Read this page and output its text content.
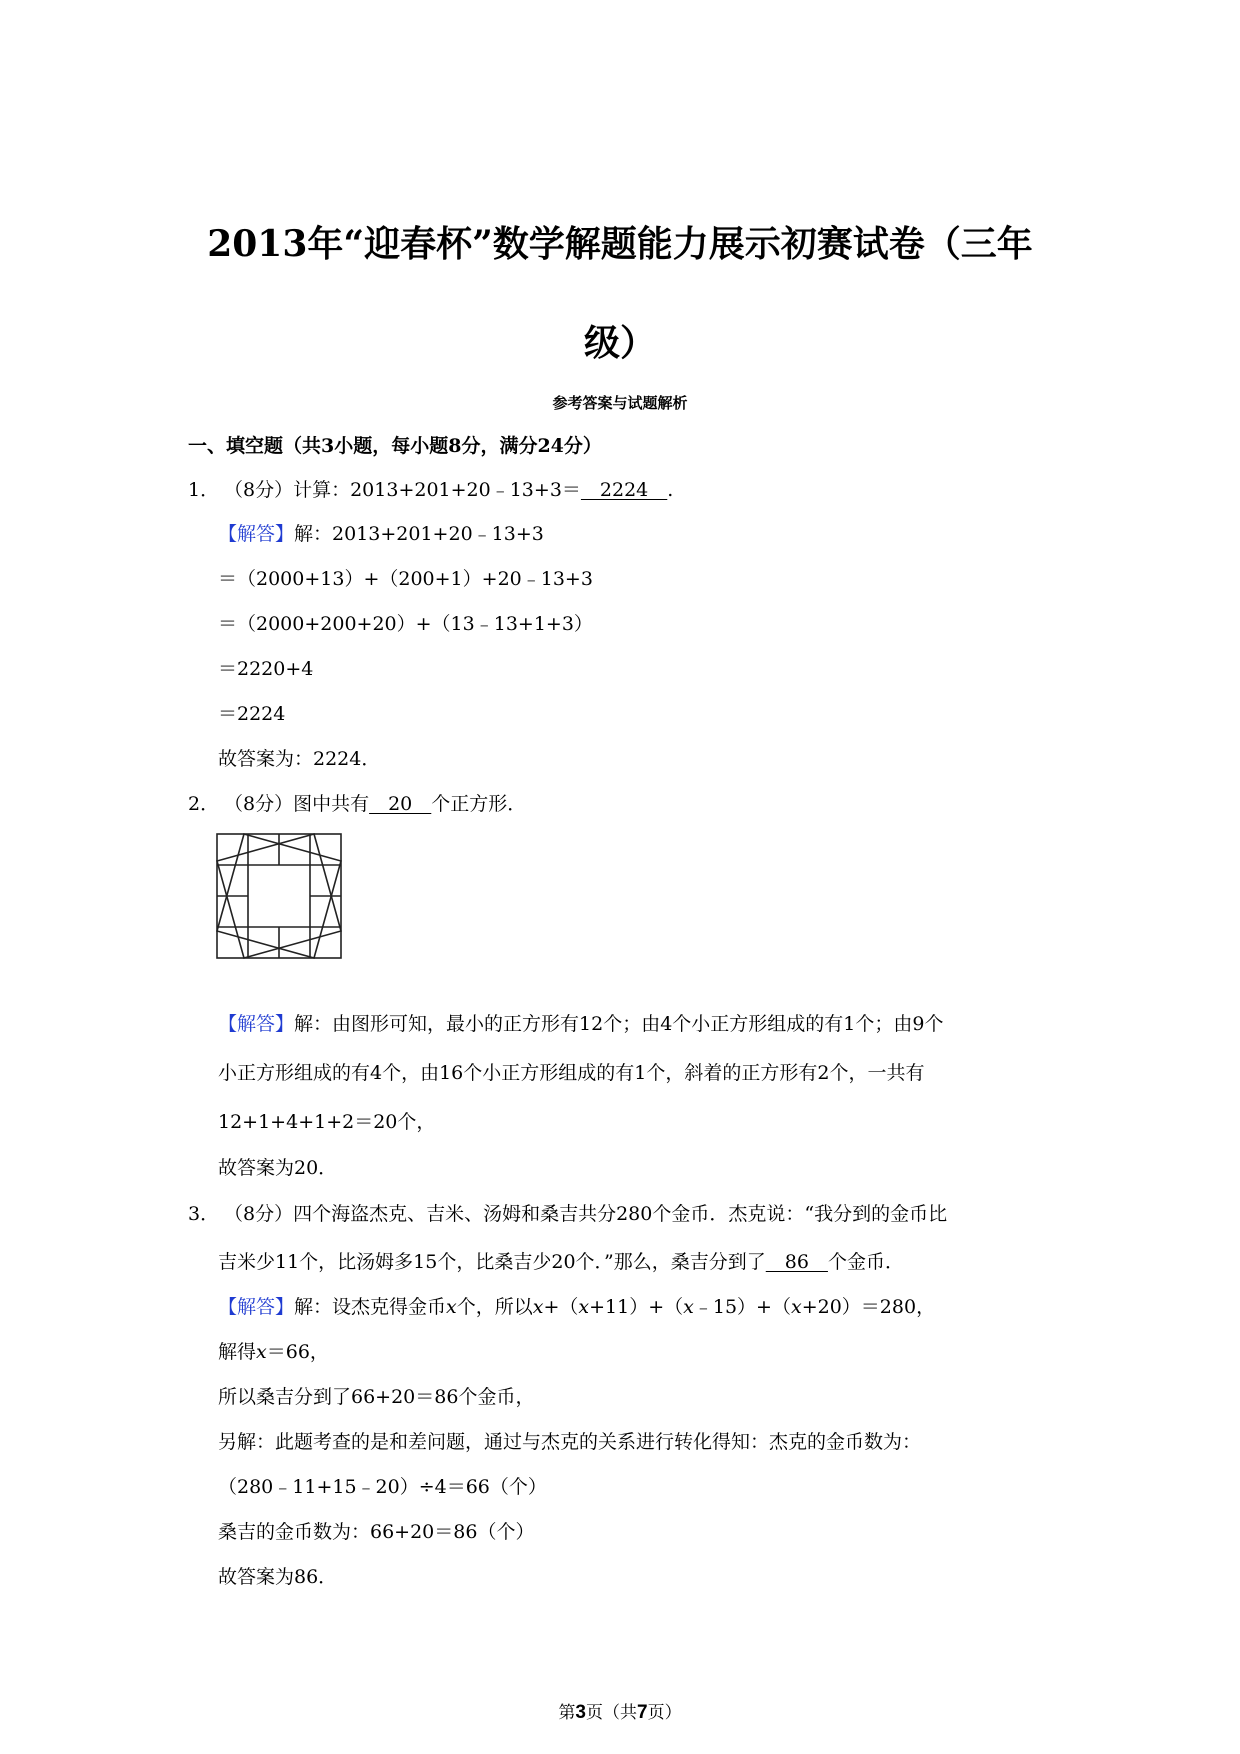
2013年“迎春杯”数学解题能力展示初赛试卷（三年
级）
参考答案与试题解析
一、填空题（共3小题，每小题8分，满分24分）
1． （8分）计算：2013+201+20﹣13+3＝　2224　.
【解答】解：2013+201+20﹣13+3
＝（2000+13）+（200+1）+20﹣13+3
＝（2000+200+20）+（13﹣13+1+3）
＝2220+4
＝2224
故答案为：2224．
2． （8分）图中共有　20　个正方形．
【解答】解：由图形可知，最小的正方形有12个；由4个小正方形组成的有1个；由9个
小正方形组成的有4个，由16个小正方形组成的有1个，斜着的正方形有2个，一共有
12+1+4+1+2＝20个，
故答案为20．
3． （8分）四个海盗杰克、吉米、汤姆和桑吉共分280个金币．杰克说：“我分到的金币比
吉米少11个，比汤姆多15个，比桑吉少20个．”那么，桑吉分到了　86　个金币．
【解答】解：设杰克得金币x个，所以x+（x+11）+（x﹣15）+（x+20）＝280，
解得x＝66，
所以桑吉分到了66+20＝86个金币，
另解：此题考查的是和差问题，通过与杰克的关系进行转化得知：杰克的金币数为：
（280﹣11+15﹣20）÷4＝66（个）
桑吉的金币数为：66+20＝86（个）
故答案为86．
第3页（共7页）
